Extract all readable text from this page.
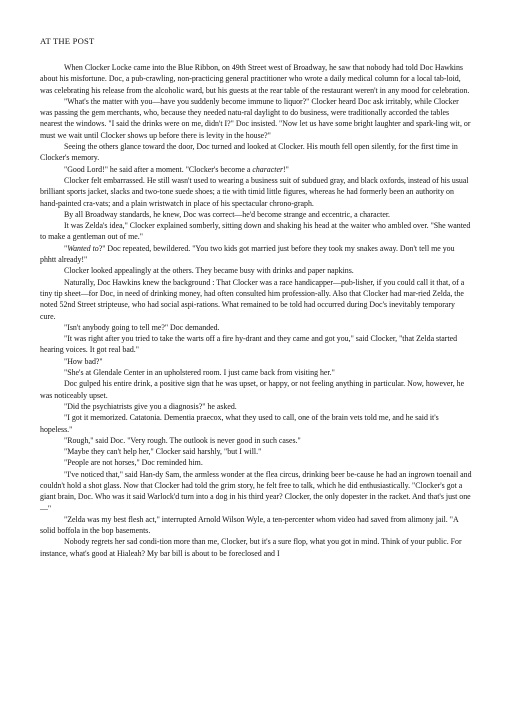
AT THE POST

When Clocker Locke came into the Blue Ribbon, on 49th Street west of Broadway, he saw that nobody had told Doc Hawkins about his misfortune. Doc, a pub-crawling, non-practicing general practitioner who wrote a daily medical column for a local tab-loid, was celebrating his release from the alcoholic ward, but his guests at the rear table of the restaurant weren't in any mood for celebration.

"What's the matter with you—have you suddenly become immune to liquor?" Clocker heard Doc ask irritably, while Clocker was passing the gem merchants, who, because they needed natu-ral daylight to do business, were traditionally accorded the tables nearest the windows. "I said the drinks were on me, didn't I?" Doc insisted. "Now let us have some bright laughter and spark-ling wit, or must we wait until Clocker shows up before there is levity in the house?"

Seeing the others glance toward the door, Doc turned and looked at Clocker. His mouth fell open silently, for the first time in Clocker's memory.

"Good Lord!" he said after a moment. "Clocker's become a character!"

Clocker felt embarrassed. He still wasn't used to wearing a business suit of subdued gray, and black oxfords, instead of his usual brilliant sports jacket, slacks and two-tone suede shoes; a tie with timid little figures, whereas he had formerly been an authority on hand-painted cra-vats; and a plain wristwatch in place of his spectacular chrono-graph.

By all Broadway standards, he knew, Doc was correct—he'd become strange and eccentric, a character.

It was Zelda's idea," Clocker explained somberly, sitting down and shaking his head at the waiter who ambled over. "She wanted to make a gentleman out of me."

"Wanted to?" Doc repeated, bewildered. "You two kids got married just before they took my snakes away. Don't tell me you phhtt already!"

Clocker looked appealingly at the others. They became busy with drinks and paper napkins.

Naturally, Doc Hawkins knew the background : That Clocker was a race handicapper—pub-lisher, if you could call it that, of a tiny tip sheet—for Doc, in need of drinking money, had often consulted him profession-ally. Also that Clocker had mar-ried Zelda, the noted 52nd Street stripteuse, who had social aspi-rations. What remained to be told had occurred during Doc's inevitably temporary cure.

"Isn't anybody going to tell me?" Doc demanded.

"It was right after you tried to take the warts off a fire hy-drant and they came and got you," said Clocker, "that Zelda started hearing voices. It got real bad."

"How bad?"

"She's at Glendale Center in an upholstered room. I just came back from visiting her."

Doc gulped his entire drink, a positive sign that he was upset, or happy, or not feeling anything in particular. Now, however, he was noticeably upset.

"Did the psychiatrists give you a diagnosis?" he asked.

"I got it memorized. Catatonia. Dementia praecox, what they used to call, one of the brain vets told me, and he said it's hopeless."

"Rough," said Doc. "Very rough. The outlook is never good in such cases."

"Maybe they can't help her," Clocker said harshly, "but I will."

"People are not horses," Doc reminded him.

"I've noticed that," said Han-dy Sam, the armless wonder at the flea circus, drinking beer be-cause he had an ingrown toenail and couldn't hold a shot glass. Now that Clocker had told the grim story, he felt free to talk, which he did enthusiastically. "Clocker's got a giant brain, Doc. Who was it said Warlock'd turn into a dog in his third year? Clocker, the only dopester in the racket. And that's just one—"

"Zelda was my best flesh act," interrupted Arnold Wilson Wyle, a ten-percenter whom video had saved from alimony jail. "A solid boffola in the bop basements.

Nobody regrets her sad condi-tion more than me, Clocker, but it's a sure flop, what you got in mind. Think of your public. For instance, what's good at Hialeah? My bar bill is about to be foreclosed and I
